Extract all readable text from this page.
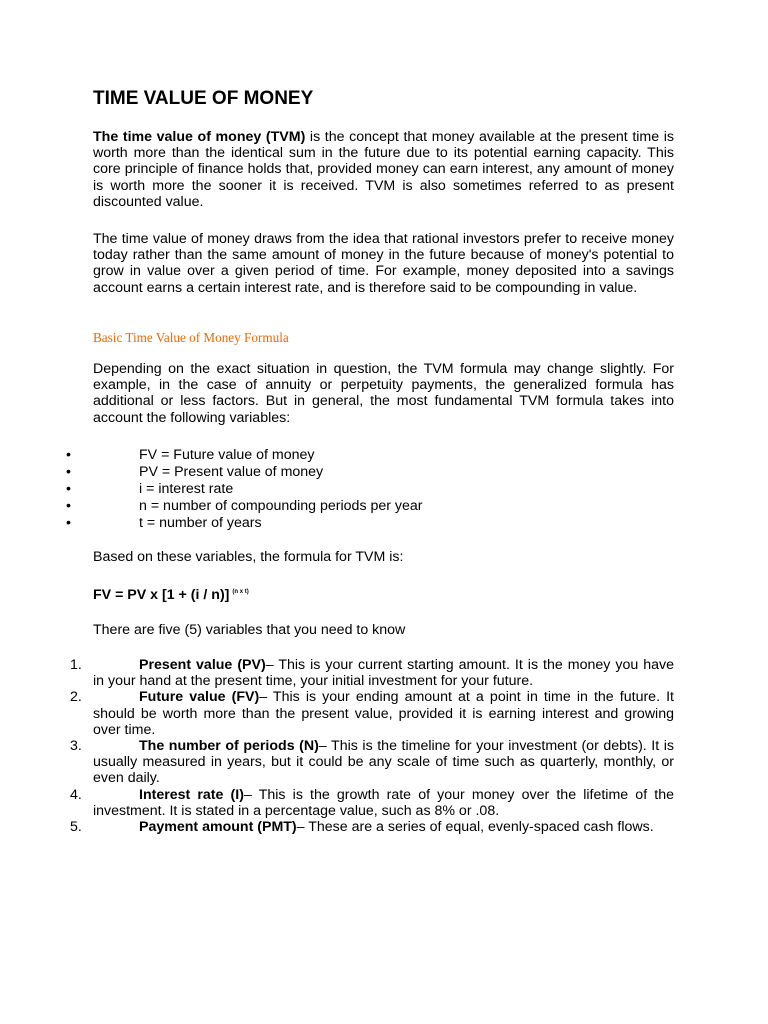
TIME VALUE OF MONEY

The time value of money (TVM) is the concept that money available at the present time is worth more than the identical sum in the future due to its potential earning capacity. This core principle of finance holds that, provided money can earn interest, any amount of money is worth more the sooner it is received. TVM is also sometimes referred to as present discounted value.

The time value of money draws from the idea that rational investors prefer to receive money today rather than the same amount of money in the future because of money's potential to grow in value over a given period of time. For example, money deposited into a savings account earns a certain interest rate, and is therefore said to be compounding in value.

Basic Time Value of Money Formula

Depending on the exact situation in question, the TVM formula may change slightly. For example, in the case of annuity or perpetuity payments, the generalized formula has additional or less factors. But in general, the most fundamental TVM formula takes into account the following variables:

•	FV = Future value of money
•	PV = Present value of money
•	i = interest rate
•	n = number of compounding periods per year
•	t = number of years

Based on these variables, the formula for TVM is:

FV = PV x [1 + (i / n)] $^{(n x t)}$

There are five (5) variables that you need to know

1.	Present value (PV)– This is your current starting amount. It is the money you have in your hand at the present time, your initial investment for your future.
2.	Future value (FV)– This is your ending amount at a point in time in the future. It should be worth more than the present value, provided it is earning interest and growing over time.
3.	The number of periods (N)– This is the timeline for your investment (or debts). It is usually measured in years, but it could be any scale of time such as quarterly, monthly, or even daily.
4.	Interest rate (I)– This is the growth rate of your money over the lifetime of the investment. It is stated in a percentage value, such as 8% or .08.
5.	Payment amount (PMT)– These are a series of equal, evenly-spaced cash flows.
